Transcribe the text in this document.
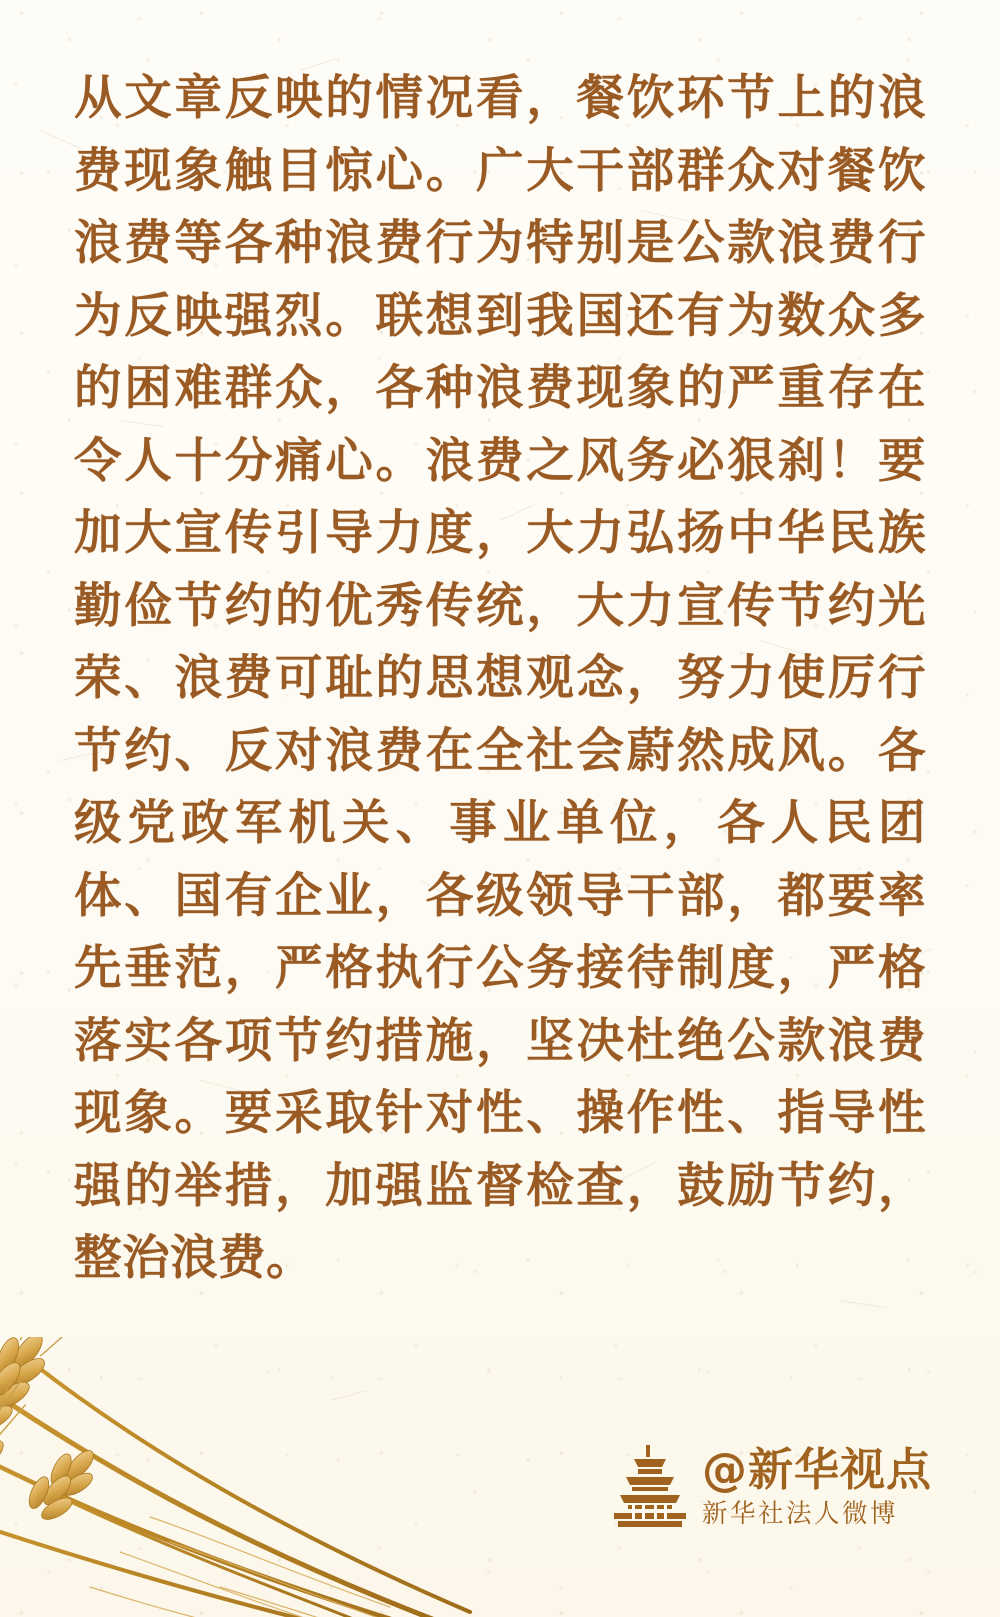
从文章反映的情况看，餐饮环节上的浪费现象触目惊心。广大干部群众对餐饮浪费等各种浪费行为特别是公款浪费行为反映强烈。联想到我国还有为数众多的困难群众，各种浪费现象的严重存在令人十分痛心。浪费之风务必狠刹！要加大宣传引导力度，大力弘扬中华民族勤俭节约的优秀传统，大力宣传节约光荣、浪费可耻的思想观念，努力使厉行节约、反对浪费在全社会蔚然成风。各级党政军机关、事业单位，各人民团体、国有企业，各级领导干部，都要率先垂范，严格执行公务接待制度，严格落实各项节约措施，坚决杜绝公款浪费现象。要采取针对性、操作性、指导性强的举措，加强监督检查，鼓励节约，整治浪费。
@新华视点
新华社法人微博
